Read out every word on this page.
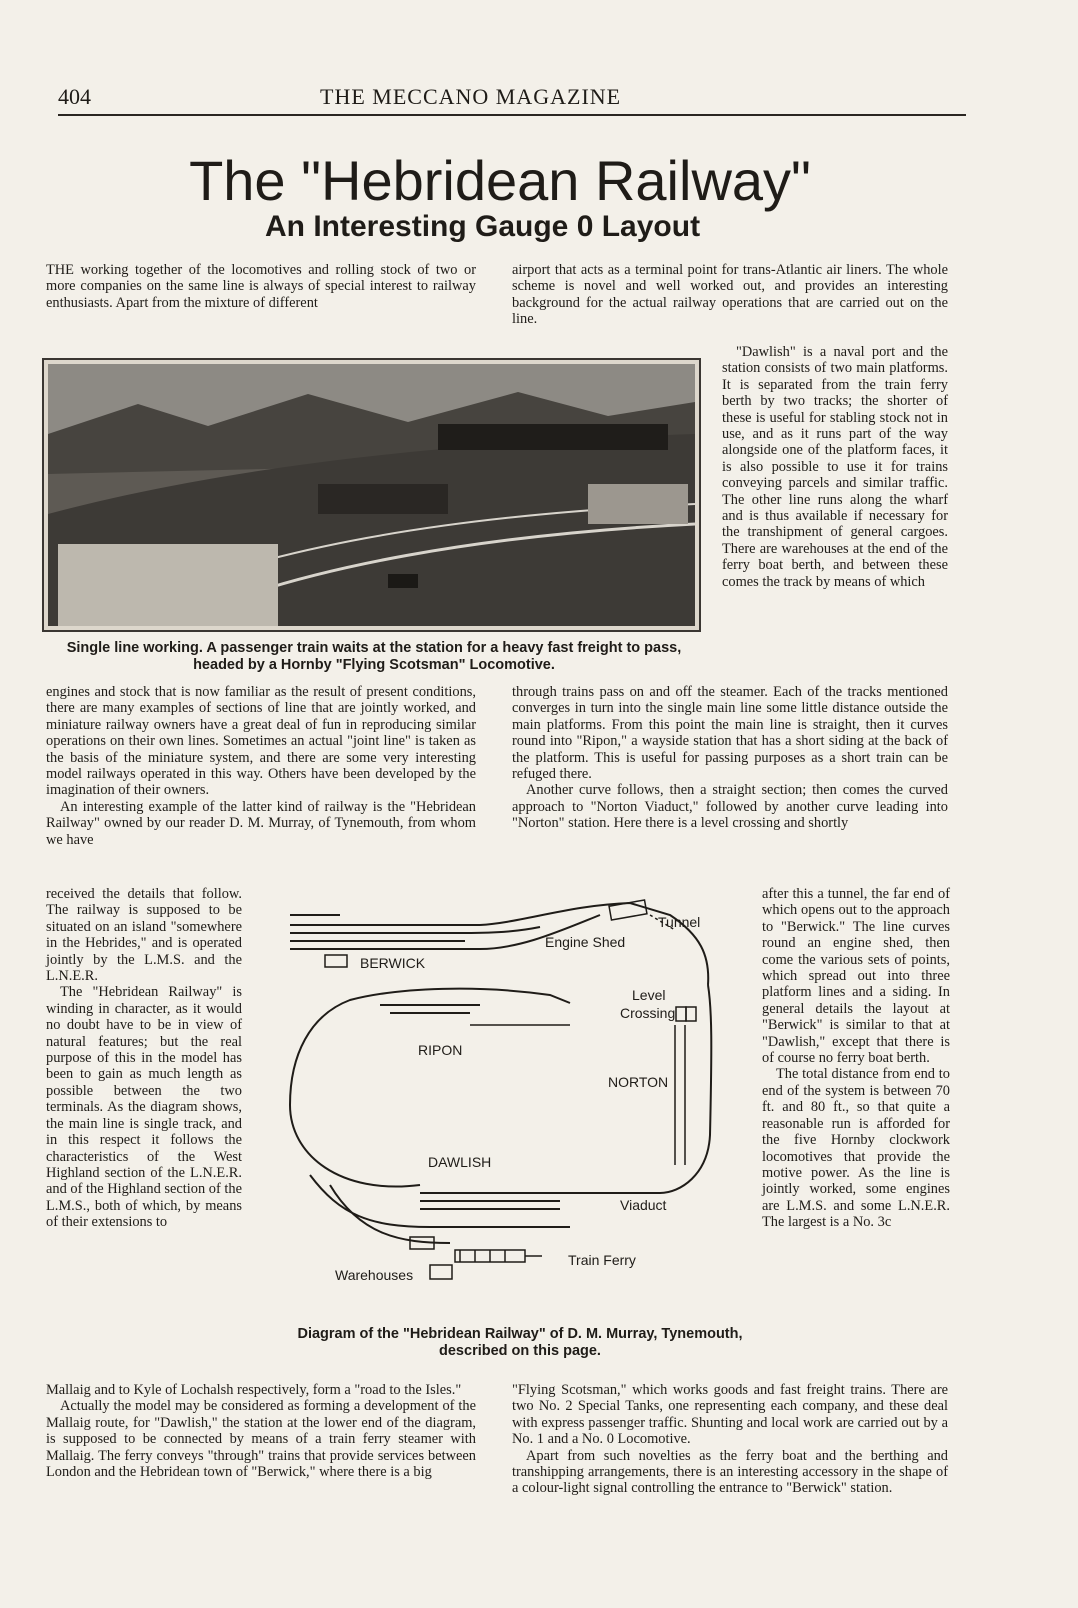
404	THE MECCANO MAGAZINE
The "Hebridean Railway"
An Interesting Gauge 0 Layout

THE working together of the locomotives and rolling stock of two or more companies on the same line is always of special interest to railway enthusiasts. Apart from the mixture of different

airport that acts as a terminal point for trans-Atlantic air liners. The whole scheme is novel and well worked out, and provides an interesting background for the actual railway operations that are carried out on the line.

"Dawlish" is a naval port and the station consists of two main platforms. It is separated from the train ferry berth by two tracks; the shorter of these is useful for stabling stock not in use, and as it runs part of the way alongside one of the platform faces, it is also possible to use it for trains conveying parcels and similar traffic. The other line runs along the wharf and is thus available if necessary for the transhipment of general cargoes. There are warehouses at the end of the ferry boat berth, and between these comes the track by means of which

Single line working. A passenger train waits at the station for a heavy fast freight to pass, headed by a Hornby "Flying Scotsman" Locomotive.

engines and stock that is now familiar as the result of present conditions, there are many examples of sections of line that are jointly worked, and miniature railway owners have a great deal of fun in reproducing similar operations on their own lines. Sometimes an actual "joint line" is taken as the basis of the miniature system, and there are some very interesting model railways operated in this way. Others have been developed by the imagination of their owners.

An interesting example of the latter kind of railway is the "Hebridean Railway" owned by our reader D. M. Murray, of Tynemouth, from whom we have

through trains pass on and off the steamer. Each of the tracks mentioned converges in turn into the single main line some little distance outside the main platforms. From this point the main line is straight, then it curves round into "Ripon," a wayside station that has a short siding at the back of the platform. This is useful for passing purposes as a short train can be refuged there.

Another curve follows, then a straight section; then comes the curved approach to "Norton Viaduct," followed by another curve leading into "Norton" station. Here there is a level crossing and shortly

received the details that follow. The railway is supposed to be situated on an island "somewhere in the Hebrides," and is operated jointly by the L.M.S. and the L.N.E.R.

The "Hebridean Railway" is winding in character, as it would no doubt have to be in view of natural features; but the real purpose of this in the model has been to gain as much length as possible between the two terminals. As the diagram shows, the main line is single track, and in this respect it follows the characteristics of the West Highland section of the L.N.E.R. and of the Highland section of the L.M.S., both of which, by means of their extensions to

Tunnel
Engine Shed
BERWICK
Level
Crossing
RIPON
NORTON
DAWLISH
Viaduct
Train Ferry
Warehouses

after this a tunnel, the far end of which opens out to the approach to "Berwick." The line curves round an engine shed, then come the various sets of points, which spread out into three platform lines and a siding. In general details the layout at "Berwick" is similar to that at "Dawlish," except that there is of course no ferry boat berth.

The total distance from end to end of the system is between 70 ft. and 80 ft., so that quite a reasonable run is afforded for the five Hornby clockwork locomotives that provide the motive power. As the line is jointly worked, some engines are L.M.S. and some L.N.E.R. The largest is a No. 3c

Diagram of the "Hebridean Railway" of D. M. Murray, Tynemouth, described on this page.

Mallaig and to Kyle of Lochalsh respectively, form a "road to the Isles."

Actually the model may be considered as forming a development of the Mallaig route, for "Dawlish," the station at the lower end of the diagram, is supposed to be connected by means of a train ferry steamer with Mallaig. The ferry conveys "through" trains that provide services between London and the Hebridean town of "Berwick," where there is a big

"Flying Scotsman," which works goods and fast freight trains. There are two No. 2 Special Tanks, one representing each company, and these deal with express passenger traffic. Shunting and local work are carried out by a No. 1 and a No. 0 Locomotive.

Apart from such novelties as the ferry boat and the berthing and transhipping arrangements, there is an interesting accessory in the shape of a colour-light signal controlling the entrance to "Berwick" station.
